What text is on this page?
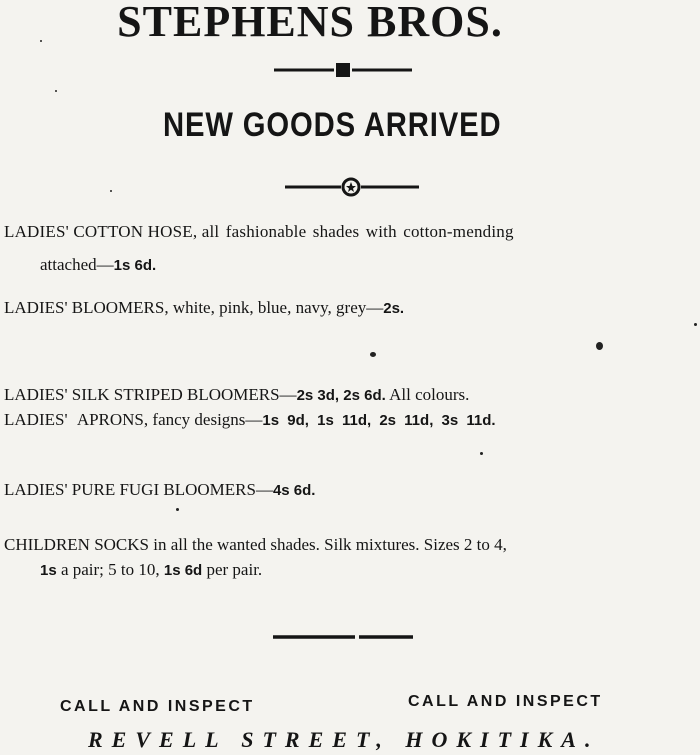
STEPHENS BROS.
NEW GOODS ARRIVED
LADIES' COTTON HOSE, all fashionable shades with cotton-mending
attached—1s 6d.
LADIES' BLOOMERS, white, pink, blue, navy, grey—2s.
LADIES' SILK STRIPED BLOOMERS—2s 3d, 2s 6d. All colours.
LADIES' APRONS, fancy designs—1s 9d, 1s 11d, 2s 11d, 3s 11d.
LADIES' PURE FUGI BLOOMERS—4s 6d.
CHILDREN SOCKS in all the wanted shades. Silk mixtures. Sizes 2 to 4,
1s a pair; 5 to 10, 1s 6d per pair.
CALL AND INSPECT	CALL AND INSPECT
REVELL STREET, HOKITIKA.
